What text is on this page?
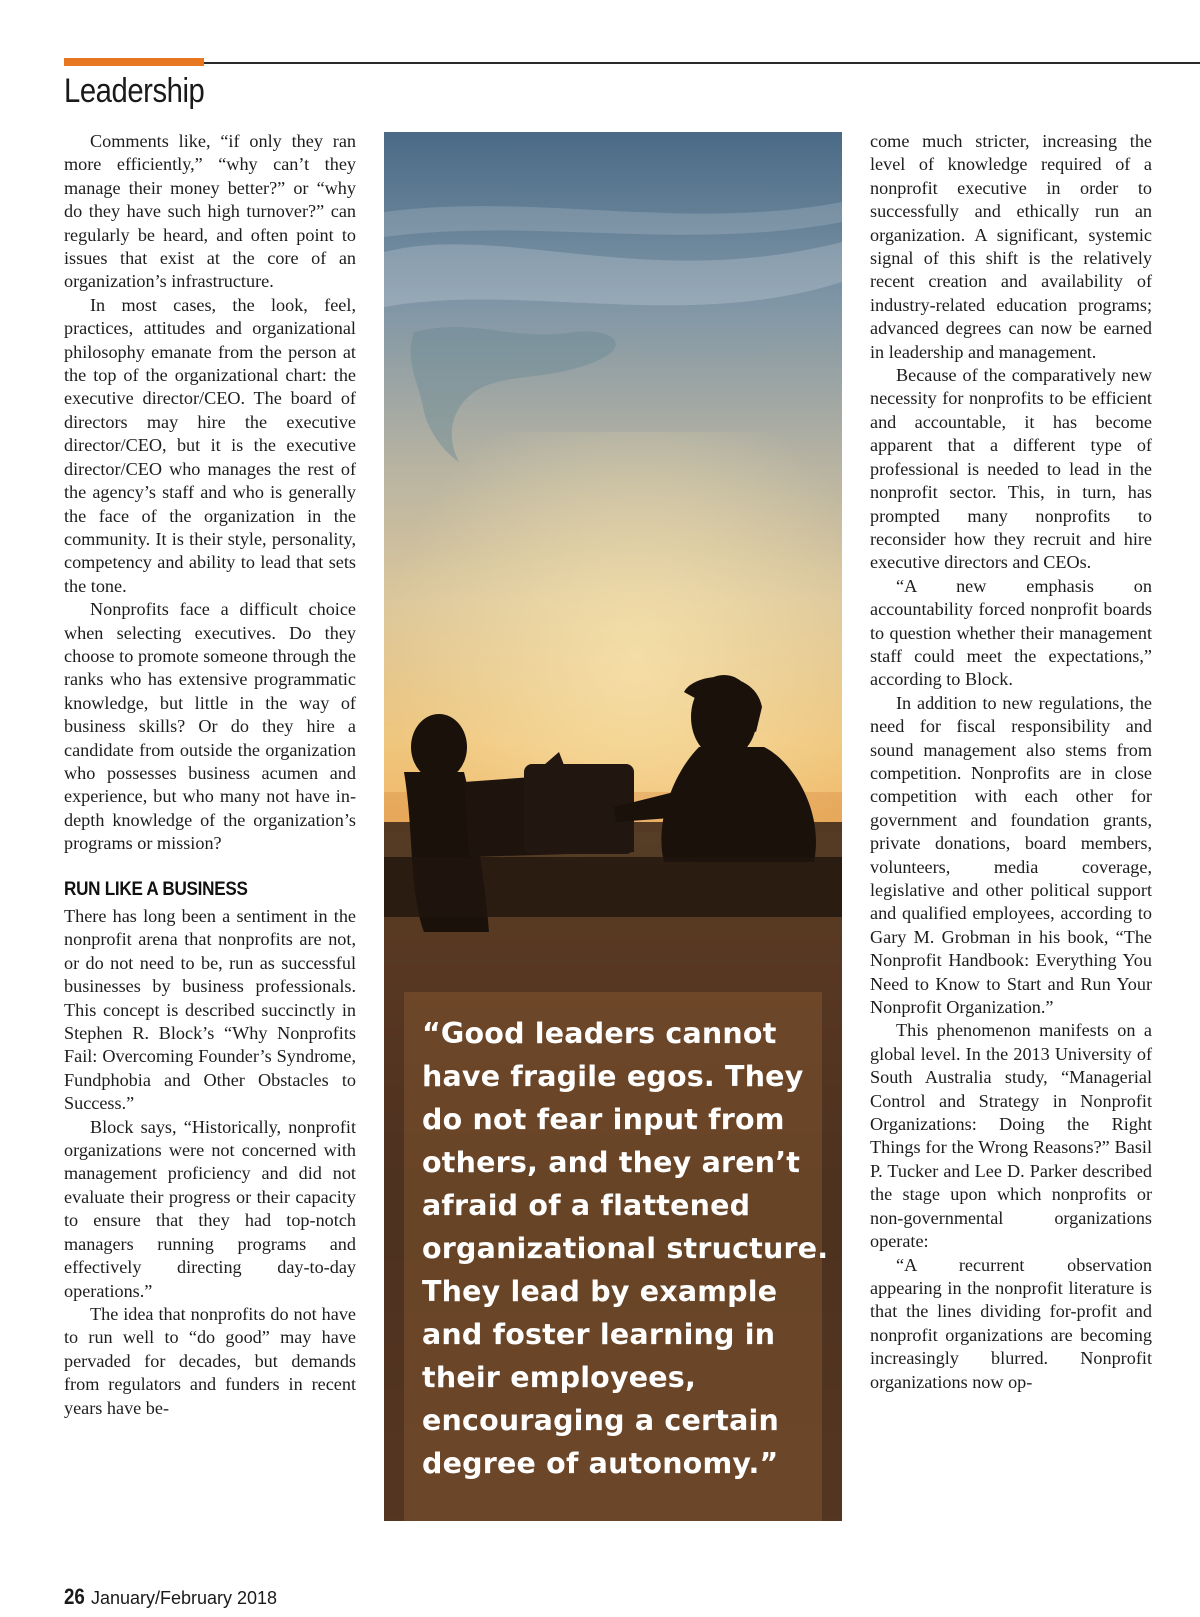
Leadership

Comments like, “if only they ran more efficiently,” “why can’t they manage their money better?” or “why do they have such high turnover?” can regularly be heard, and often point to issues that exist at the core of an organization’s infrastructure.

In most cases, the look, feel, practices, attitudes and organizational philosophy emanate from the person at the top of the organizational chart: the executive director/CEO. The board of directors may hire the executive director/CEO, but it is the executive director/CEO who manages the rest of the agency’s staff and who is generally the face of the organization in the community. It is their style, personality, competency and ability to lead that sets the tone.

Nonprofits face a difficult choice when selecting executives. Do they choose to promote someone through the ranks who has extensive programmatic knowledge, but little in the way of business skills? Or do they hire a candidate from outside the organization who possesses business acumen and experience, but who many not have in-depth knowledge of the organization’s programs or mission?

RUN LIKE A BUSINESS

There has long been a sentiment in the nonprofit arena that nonprofits are not, or do not need to be, run as successful businesses by business professionals. This concept is described succinctly in Stephen R. Block’s “Why Nonprofits Fail: Overcoming Founder’s Syndrome, Fundphobia and Other Obstacles to Success.”

Block says, “Historically, nonprofit organizations were not concerned with management proficiency and did not evaluate their progress or their capacity to ensure that they had top-notch managers running programs and effectively directing day-to-day operations.”

The idea that nonprofits do not have to run well to “do good” may have pervaded for decades, but demands from regulators and funders in recent years have be-

“Good leaders cannot have fragile egos. They do not fear input from others, and they aren’t afraid of a flattened organizational structure. They lead by example and foster learning in their employees, encouraging a certain degree of autonomy.”

come much stricter, increasing the level of knowledge required of a nonprofit executive in order to successfully and ethically run an organization. A significant, systemic signal of this shift is the relatively recent creation and availability of industry-related education programs; advanced degrees can now be earned in leadership and management.

Because of the comparatively new necessity for nonprofits to be efficient and accountable, it has become apparent that a different type of professional is needed to lead in the nonprofit sector. This, in turn, has prompted many nonprofits to reconsider how they recruit and hire executive directors and CEOs.

“A new emphasis on accountability forced nonprofit boards to question whether their management staff could meet the expectations,” according to Block.

In addition to new regulations, the need for fiscal responsibility and sound management also stems from competition. Nonprofits are in close competition with each other for government and foundation grants, private donations, board members, volunteers, media coverage, legislative and other political support and qualified employees, according to Gary M. Grobman in his book, “The Nonprofit Handbook: Everything You Need to Know to Start and Run Your Nonprofit Organization.”

This phenomenon manifests on a global level. In the 2013 University of South Australia study, “Managerial Control and Strategy in Nonprofit Organizations: Doing the Right Things for the Wrong Reasons?” Basil P. Tucker and Lee D. Parker described the stage upon which nonprofits or non-governmental organizations operate:

“A recurrent observation appearing in the nonprofit literature is that the lines dividing for-profit and nonprofit organizations are becoming increasingly blurred. Nonprofit organizations now op-

26 January/February 2018
